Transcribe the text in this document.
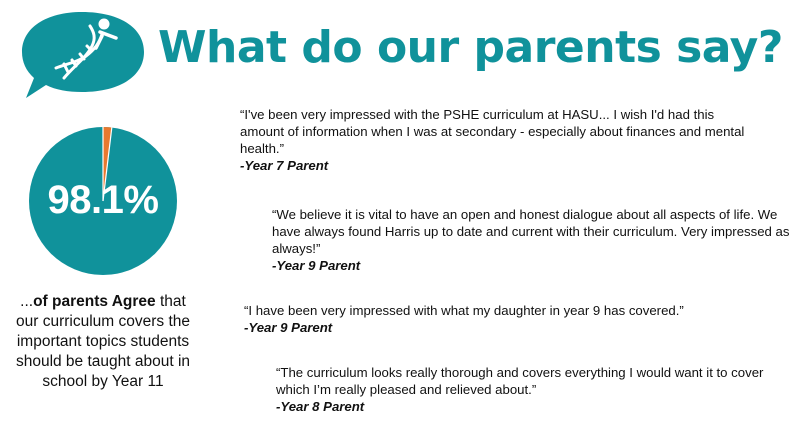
What do our parents say?
98.1%
...of parents Agree that our curriculum covers the important topics students should be taught about in school by Year 11
“I've been very impressed with the PSHE curriculum at HASU... I wish I'd had this amount of information when I was at secondary - especially about finances and mental health.”
-Year 7 Parent
“We believe it is vital to have an open and honest dialogue about all aspects of life. We have always found Harris up to date and current with their curriculum. Very impressed as always!”
-Year 9 Parent
“I have been very impressed with what my daughter in year 9 has covered.”
-Year 9 Parent
“The curriculum looks really thorough and covers everything I would want it to cover which I’m really pleased and relieved about.”
-Year 8 Parent
